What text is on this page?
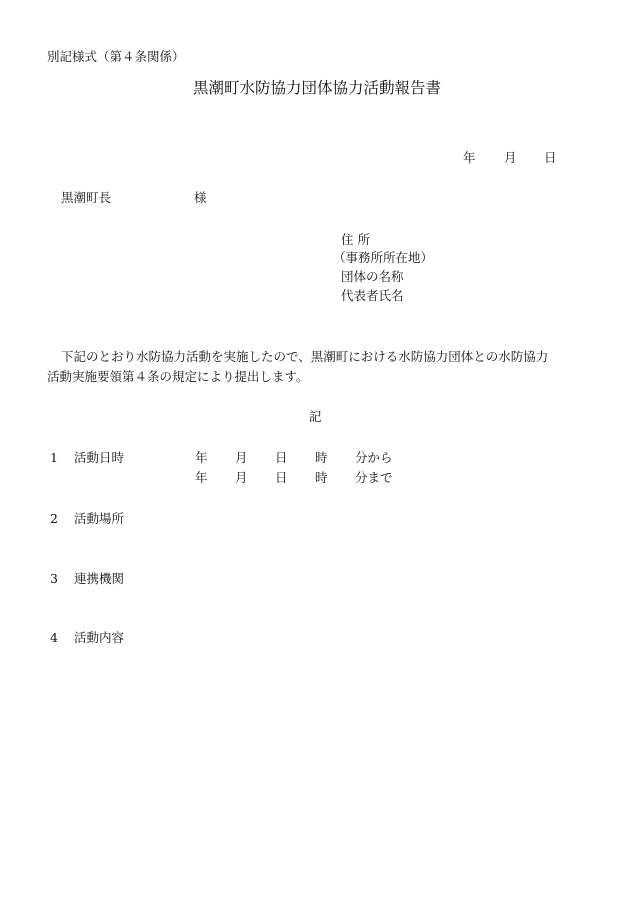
別記様式（第４条関係）
黒潮町水防協力団体協力活動報告書
年 月 日
黒潮町長	様
住 所
（事務所所在地）
団体の名称
代表者氏名
下記のとおり水防協力活動を実施したので、黒潮町における水防協力団体との水防協力
活動実施要領第４条の規定により提出します。
記
1 活動日時	年 月 日 時 分から
年 月 日 時 分まで
2 活動場所
3 連携機関
4 活動内容
